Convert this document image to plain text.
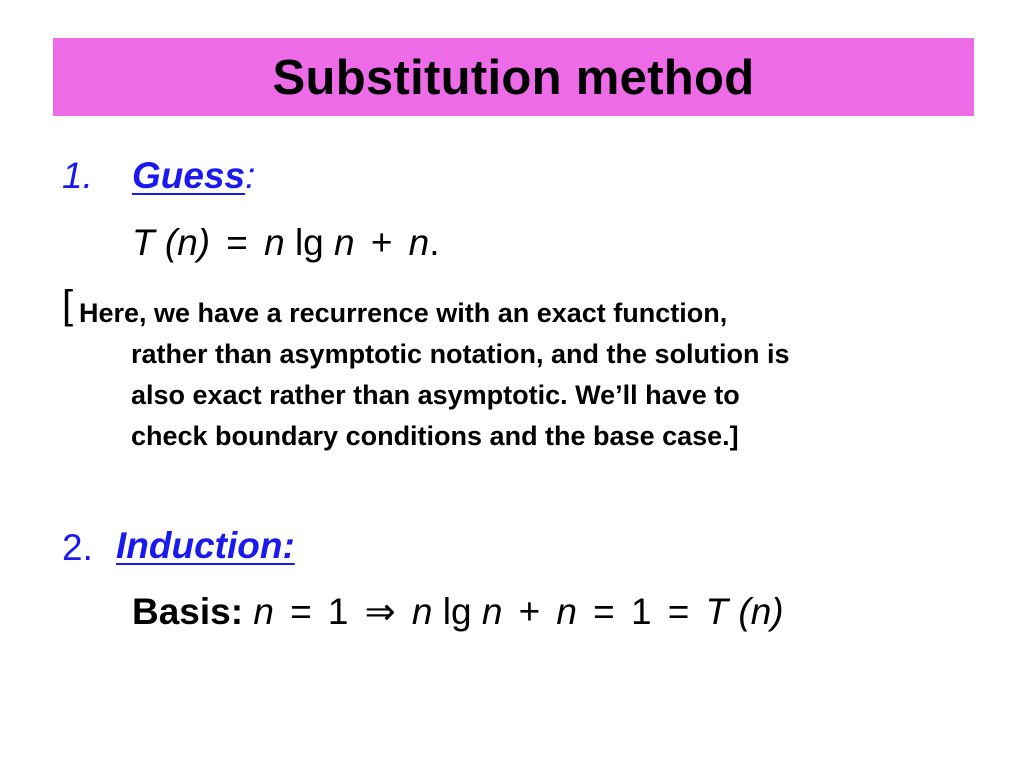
Substitution method
1. Guess:
T (n) = n lg n + n.
[ Here, we have a recurrence with an exact function,
rather than asymptotic notation, and the solution is
also exact rather than asymptotic. We’ll have to
check boundary conditions and the base case.]
2. Induction:
Basis: n = 1 ⇒ n lg n + n = 1 = T (n)
